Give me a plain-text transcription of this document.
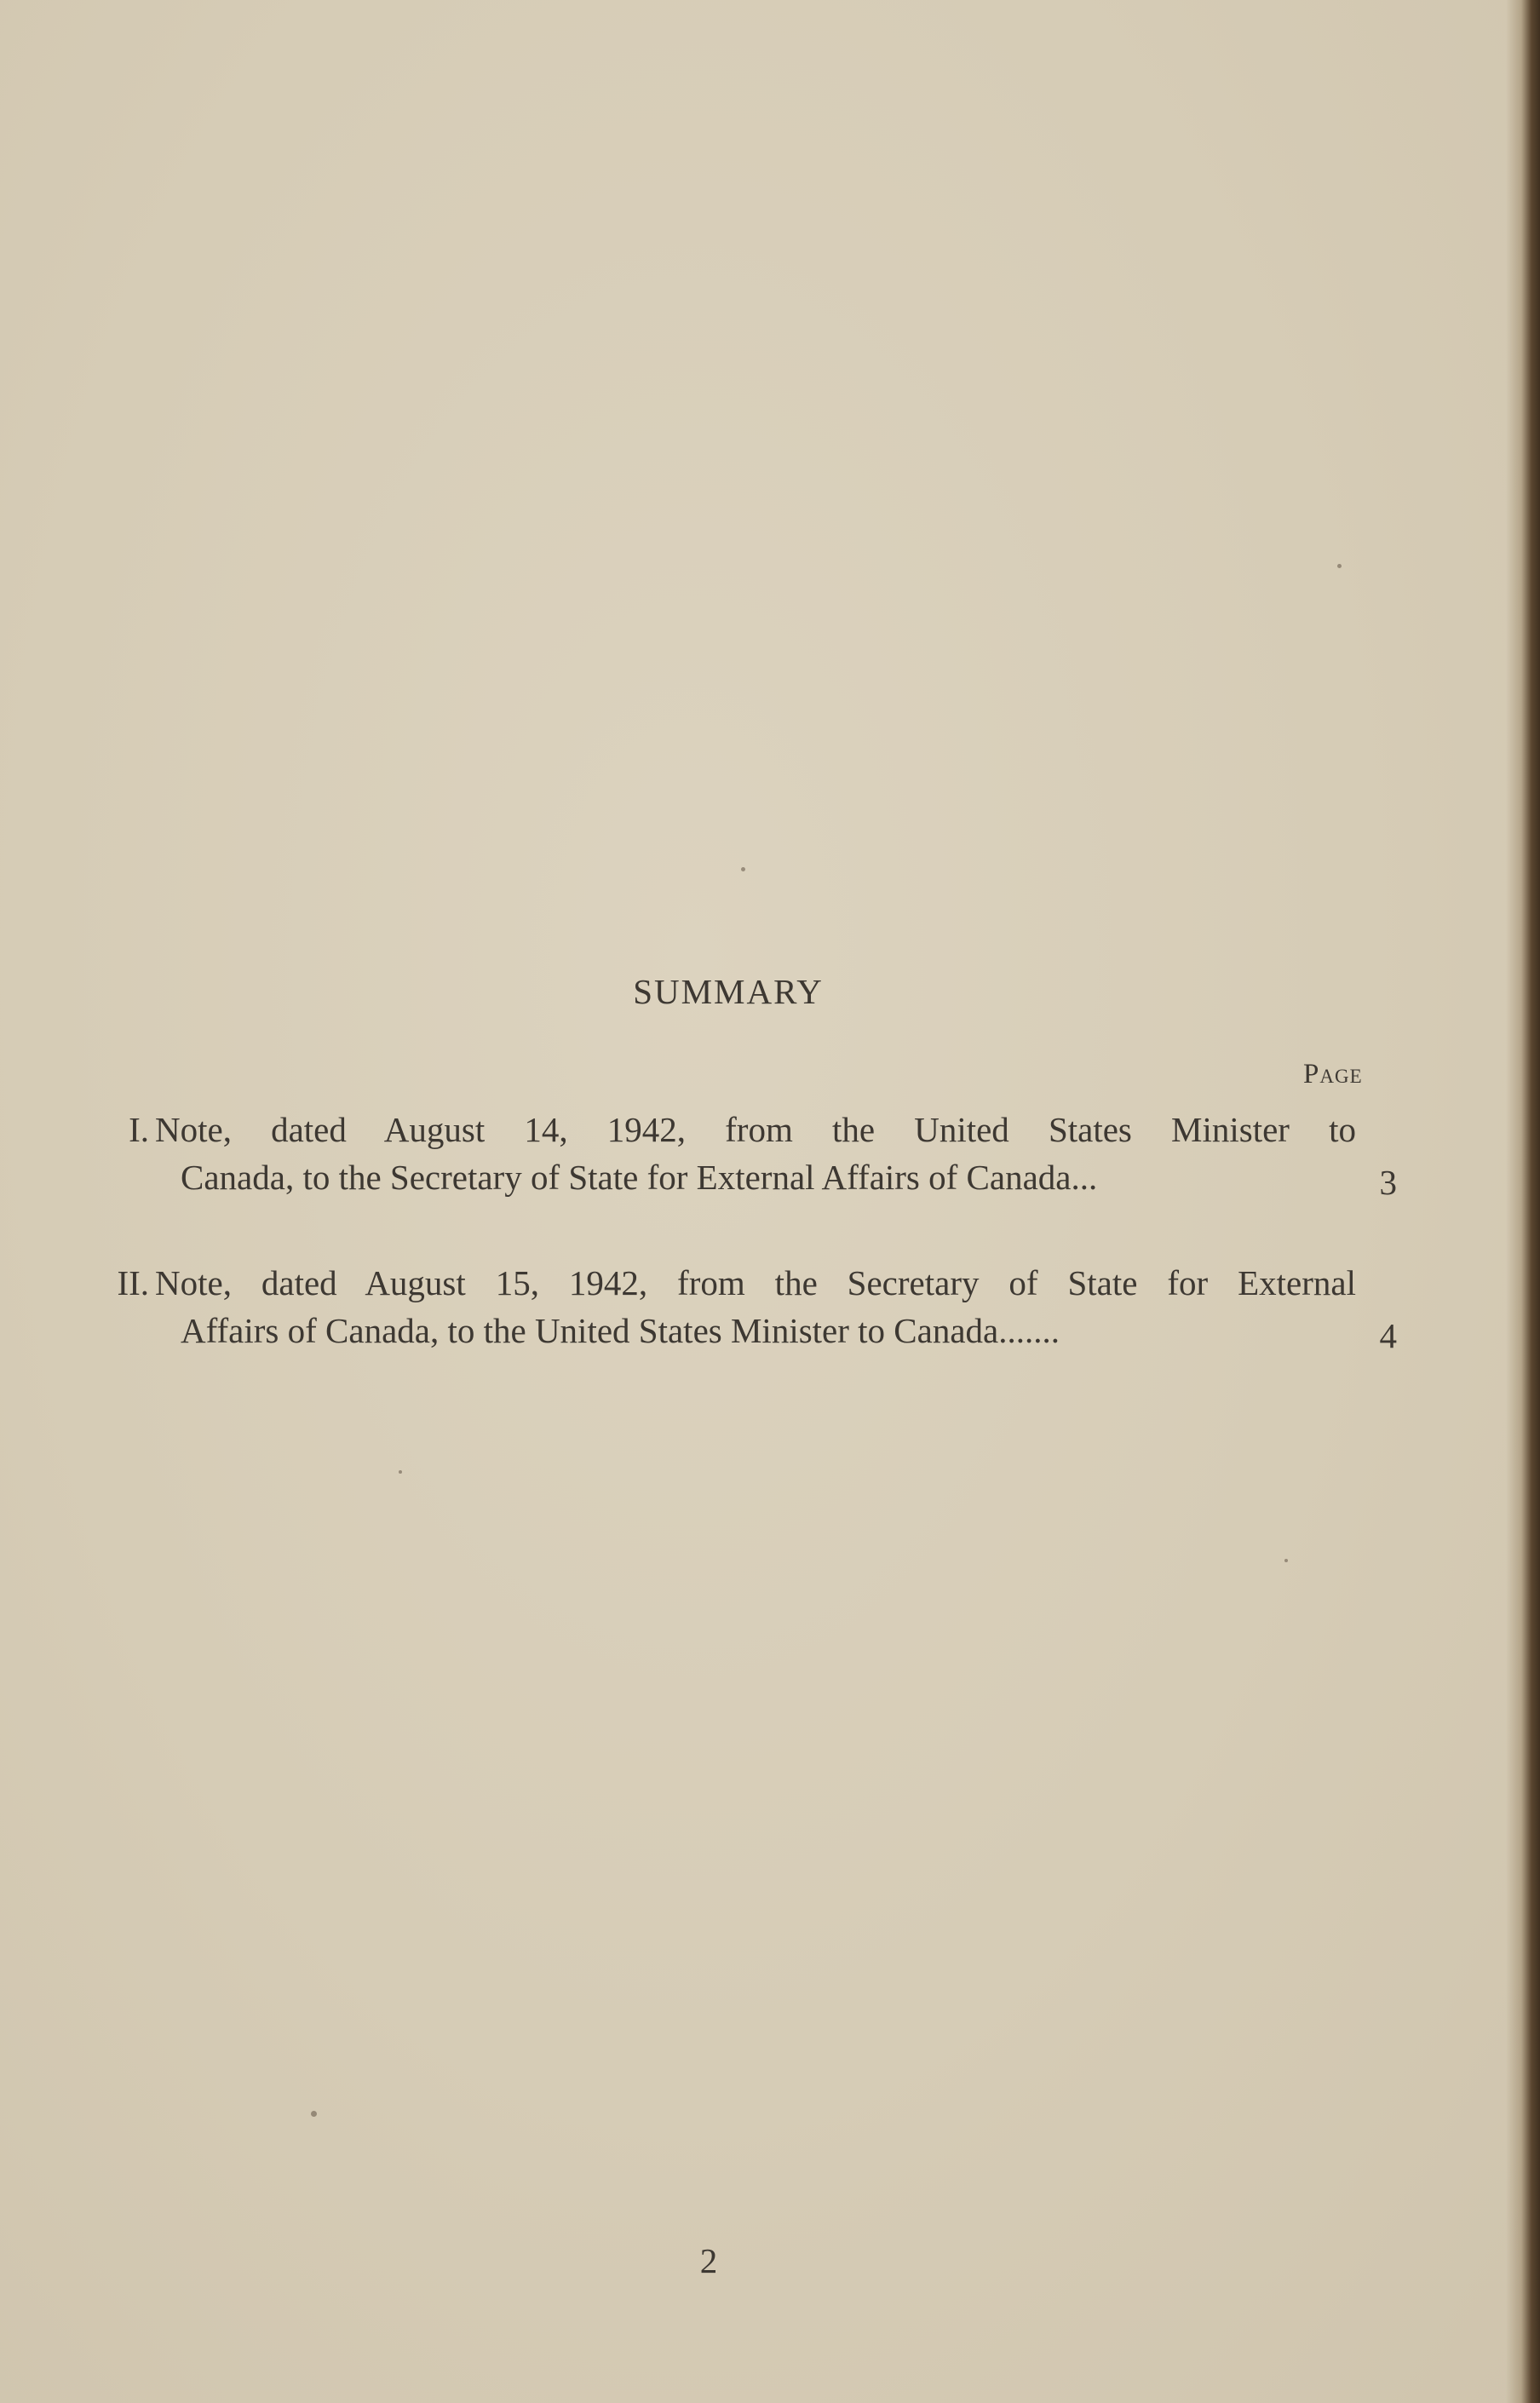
SUMMARY
Page
I. Note, dated August 14, 1942, from the United States Minister to
Canada, to the Secretary of State for External Affairs of Canada...	3
II. Note, dated August 15, 1942, from the Secretary of State for External
Affairs of Canada, to the United States Minister to Canada.......	4
2
